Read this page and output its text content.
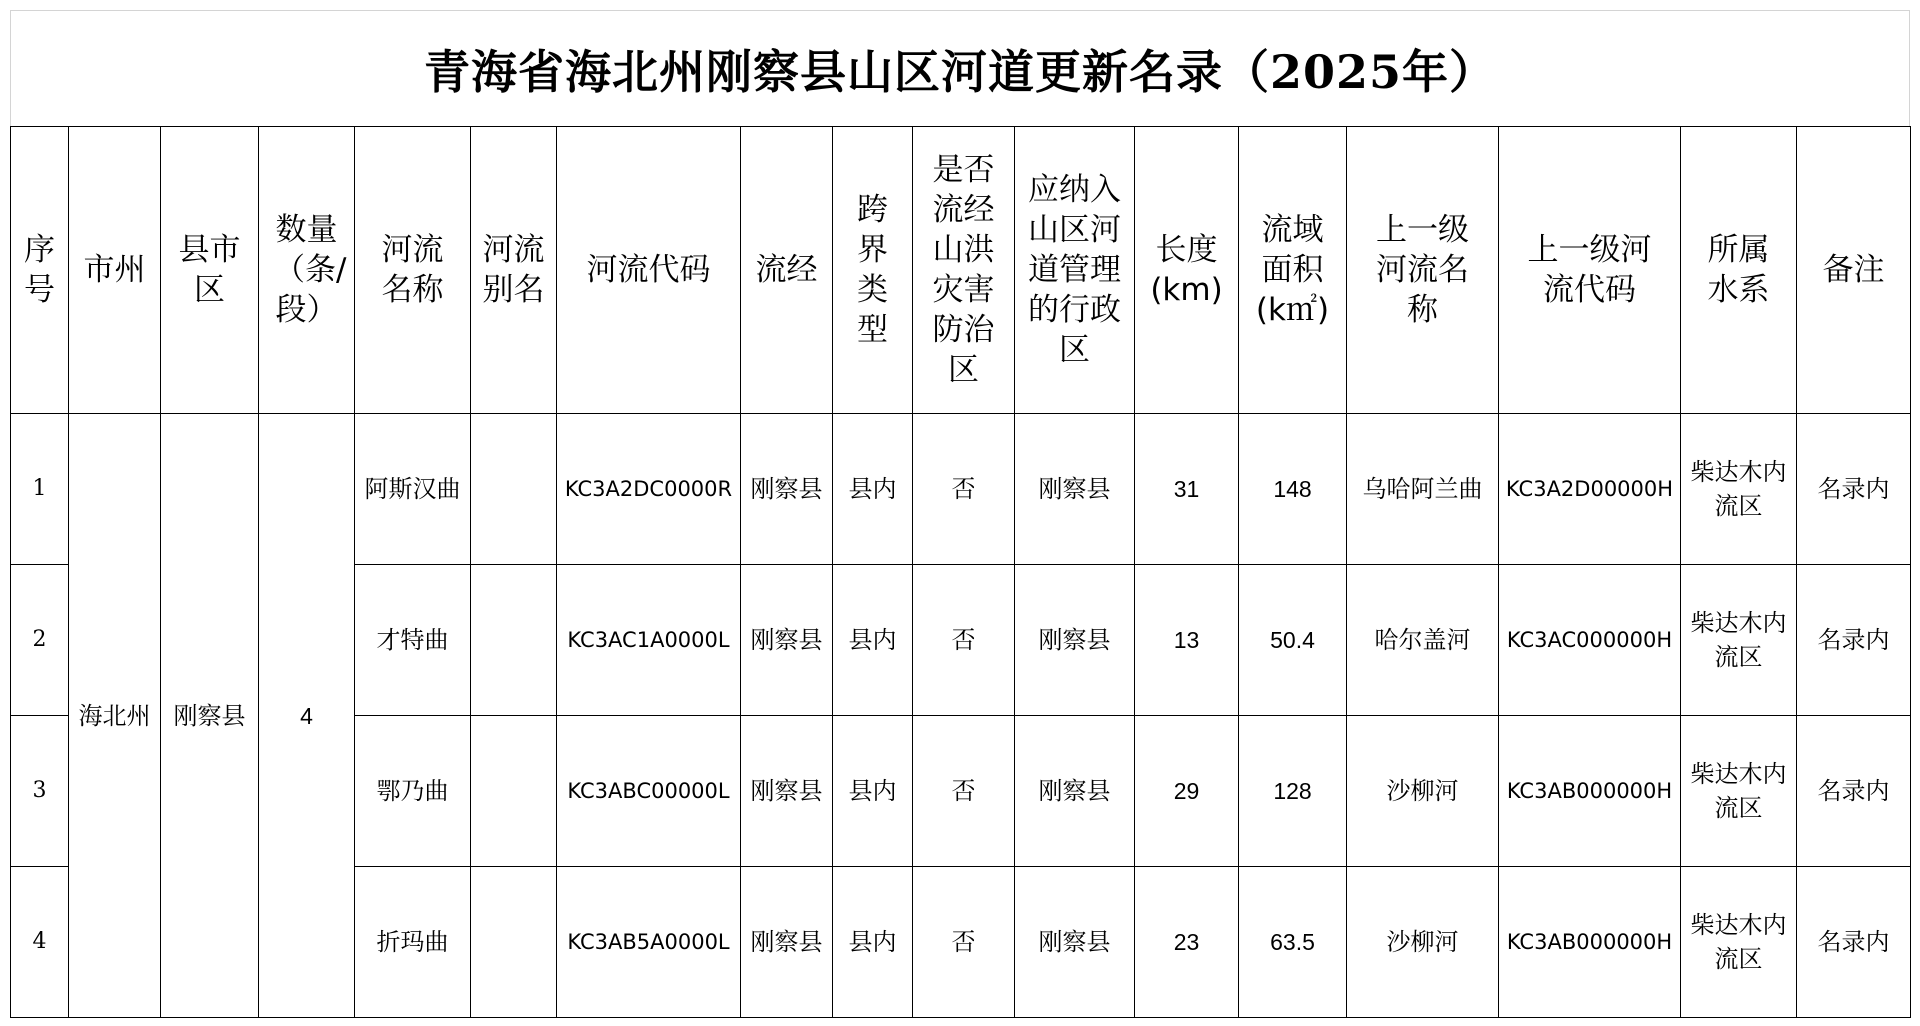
青海省海北州刚察县山区河道更新名录（2025年）
序号	市州	县市区	数量（条/段）	河流名称	河流别名	河流代码	流经	跨界类型	是否流经山洪灾害防治区	应纳入山区河道管理的行政区	长度(km)	流域面积(k㎡)	上一级河流名称	上一级河流代码	所属水系	备注
1	海北州	刚察县	4	阿斯汉曲		KC3A2DC0000R	刚察县	县内	否	刚察县	31	148	乌哈阿兰曲	KC3A2D00000H	柴达木内流区	名录内
2				才特曲		KC3AC1A0000L	刚察县	县内	否	刚察县	13	50.4	哈尔盖河	KC3AC000000H	柴达木内流区	名录内
3				鄂乃曲		KC3ABC00000L	刚察县	县内	否	刚察县	29	128	沙柳河	KC3AB000000H	柴达木内流区	名录内
4				折玛曲		KC3AB5A0000L	刚察县	县内	否	刚察县	23	63.5	沙柳河	KC3AB000000H	柴达木内流区	名录内
